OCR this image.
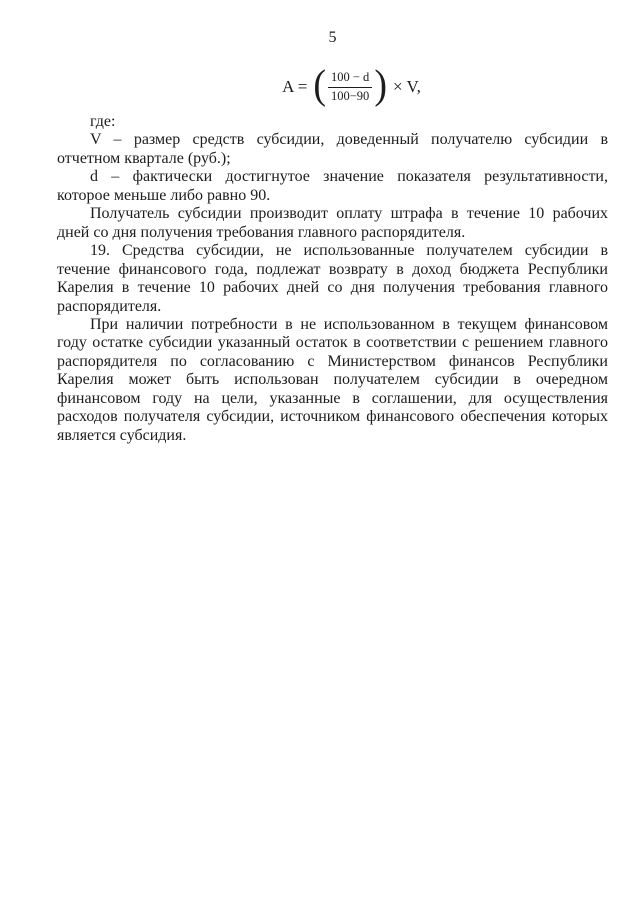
5
A = ( $\frac{100 - d}{100-90}$ ) × V,

где:

V – размер средств субсидии, доведенный получателю субсидии в отчетном квартале (руб.);

d – фактически достигнутое значение показателя результативности, которое меньше либо равно 90.

Получатель субсидии производит оплату штрафа в течение 10 рабочих дней со дня получения требования главного распорядителя.

19. Средства субсидии, не использованные получателем субсидии в течение финансового года, подлежат возврату в доход бюджета Республики Карелия в течение 10 рабочих дней со дня получения требования главного распорядителя.

При наличии потребности в не использованном в текущем финансовом году остатке субсидии указанный остаток в соответствии с решением главного распорядителя по согласованию с Министерством финансов Республики Карелия может быть использован получателем субсидии в очередном финансовом году на цели, указанные в соглашении, для осуществления расходов получателя субсидии, источником финансового обеспечения которых является субсидия.
